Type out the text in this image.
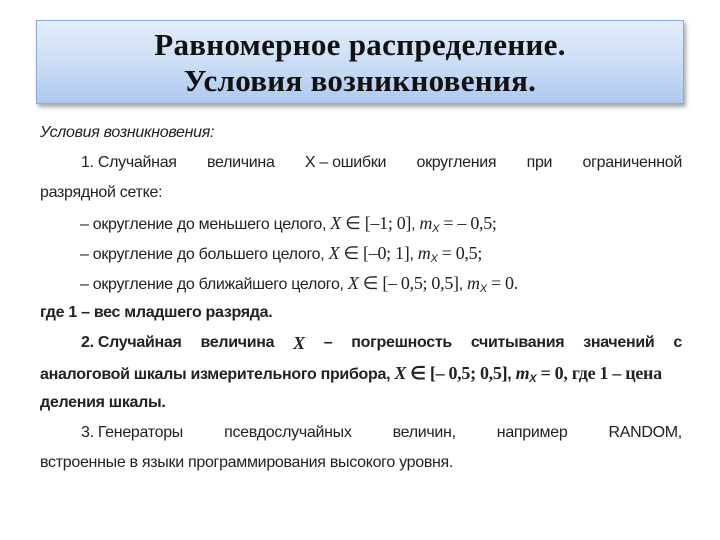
Равномерное распределение.
Условия возникновения.
Условия возникновения:
1. Случайная величина X – ошибки округления при ограниченной
разрядной сетке:
– округление до меньшего целого, X ∈ [–1; 0], $m_X$ = – 0,5;
– округление до большего целого, X ∈ [–0; 1], $m_X = 0,5$;
– округление до ближайшего целого, X ∈ [– 0,5; 0,5], $m_X = 0$.
где 1 – вес младшего разряда.
2. Случайная величина X – погрешность считывания значений с
аналоговой шкалы измерительного прибора, X ∈ [– 0,5; 0,5], $m_X = 0$, где 1 – цена
деления шкалы.
3. Генераторы	псевдослучайных	величин,	например	RANDOM,
встроенные в языки программирования высокого уровня.
